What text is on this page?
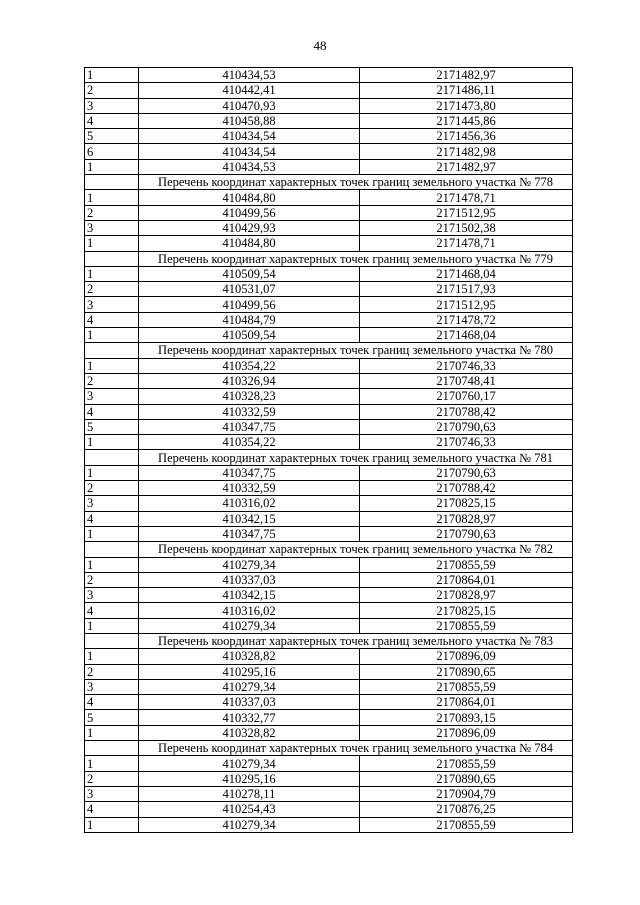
48
1	410434,53	2171482,97
2	410442,41	2171486,11
3	410470,93	2171473,80
4	410458,88	2171445,86
5	410434,54	2171456,36
6	410434,54	2171482,98
1	410434,53	2171482,97
	Перечень координат характерных точек границ земельного участка № 778	
1	410484,80	2171478,71
2	410499,56	2171512,95
3	410429,93	2171502,38
1	410484,80	2171478,71
	Перечень координат характерных точек границ земельного участка № 779	
1	410509,54	2171468,04
2	410531,07	2171517,93
3	410499,56	2171512,95
4	410484,79	2171478,72
1	410509,54	2171468,04
	Перечень координат характерных точек границ земельного участка № 780	
1	410354,22	2170746,33
2	410326,94	2170748,41
3	410328,23	2170760,17
4	410332,59	2170788,42
5	410347,75	2170790,63
1	410354,22	2170746,33
	Перечень координат характерных точек границ земельного участка № 781	
1	410347,75	2170790,63
2	410332,59	2170788,42
3	410316,02	2170825,15
4	410342,15	2170828,97
1	410347,75	2170790,63
	Перечень координат характерных точек границ земельного участка № 782	
1	410279,34	2170855,59
2	410337,03	2170864,01
3	410342,15	2170828,97
4	410316,02	2170825,15
1	410279,34	2170855,59
	Перечень координат характерных точек границ земельного участка № 783	
1	410328,82	2170896,09
2	410295,16	2170890,65
3	410279,34	2170855,59
4	410337,03	2170864,01
5	410332,77	2170893,15
1	410328,82	2170896,09
	Перечень координат характерных точек границ земельного участка № 784	
1	410279,34	2170855,59
2	410295,16	2170890,65
3	410278,11	2170904,79
4	410254,43	2170876,25
1	410279,34	2170855,59
